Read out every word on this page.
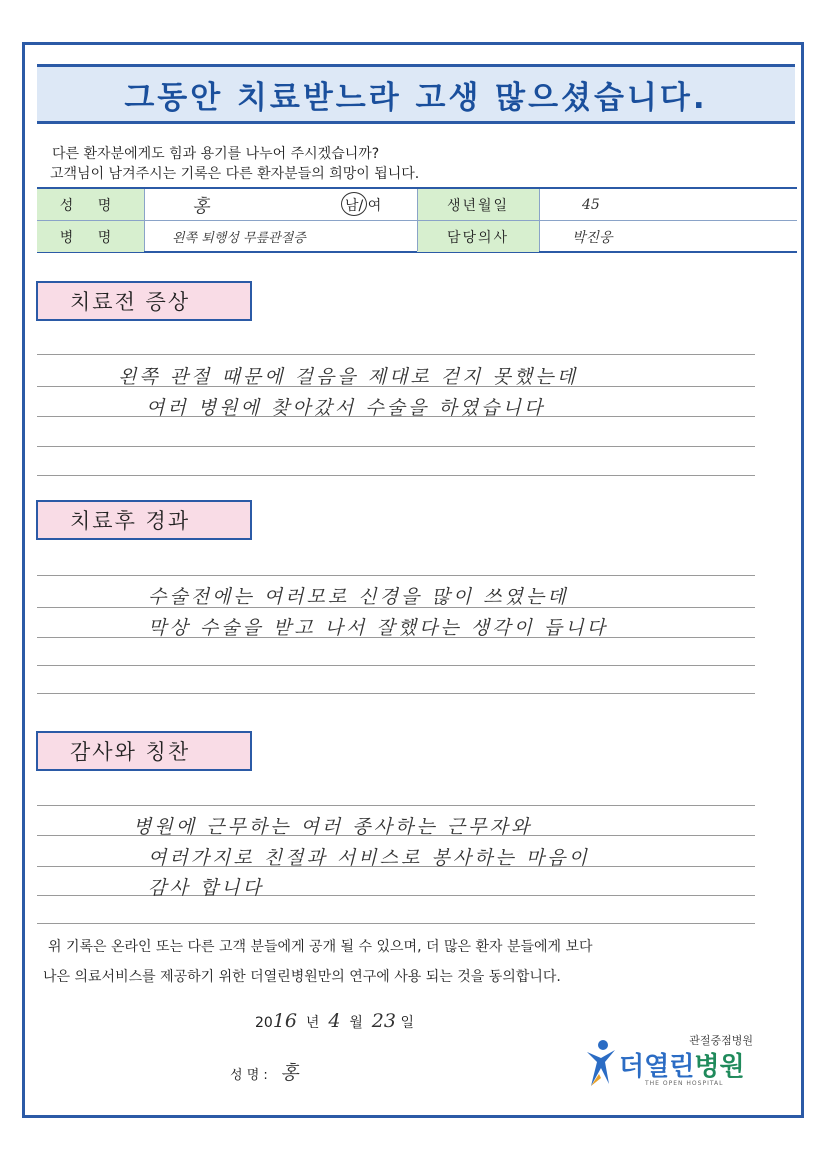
그동안 치료받느라 고생 많으셨습니다.
다른 환자분에게도 힘과 용기를 나누어 주시겠습니까?
고객님이 남겨주시는 기록은 다른 환자분들의 희망이 됩니다.
성 명	홍	남/ 여	생년월일	45
병 명	왼쪽 퇴행성 무릎관절증	담당의사	박진웅
치료전 증상
왼쪽 관절 때문에 걸음을 제대로 걷지 못했는데
여러 병원에 찾아갔서 수술을 하였습니다
치료후 경과
수술전에는 여러모로 신경을 많이 쓰였는데
막상 수술을 받고 나서 잘했다는 생각이 듭니다
감사와 칭찬
병원에 근무하는 여러 종사하는 근무자와
여러가지로 친절과 서비스로 봉사하는 마음이
감사 합니다
위 기록은 온라인 또는 다른 고객 분들에게 공개 될 수 있으며, 더 많은 환자 분들에게 보다
나은 의료서비스를 제공하기 위한 더열린병원만의 연구에 사용 되는 것을 동의합니다.
2016 년 4 월 23 일
성 명 : 홍
관절중점병원
더열린병원
THE OPEN HOSPITAL
